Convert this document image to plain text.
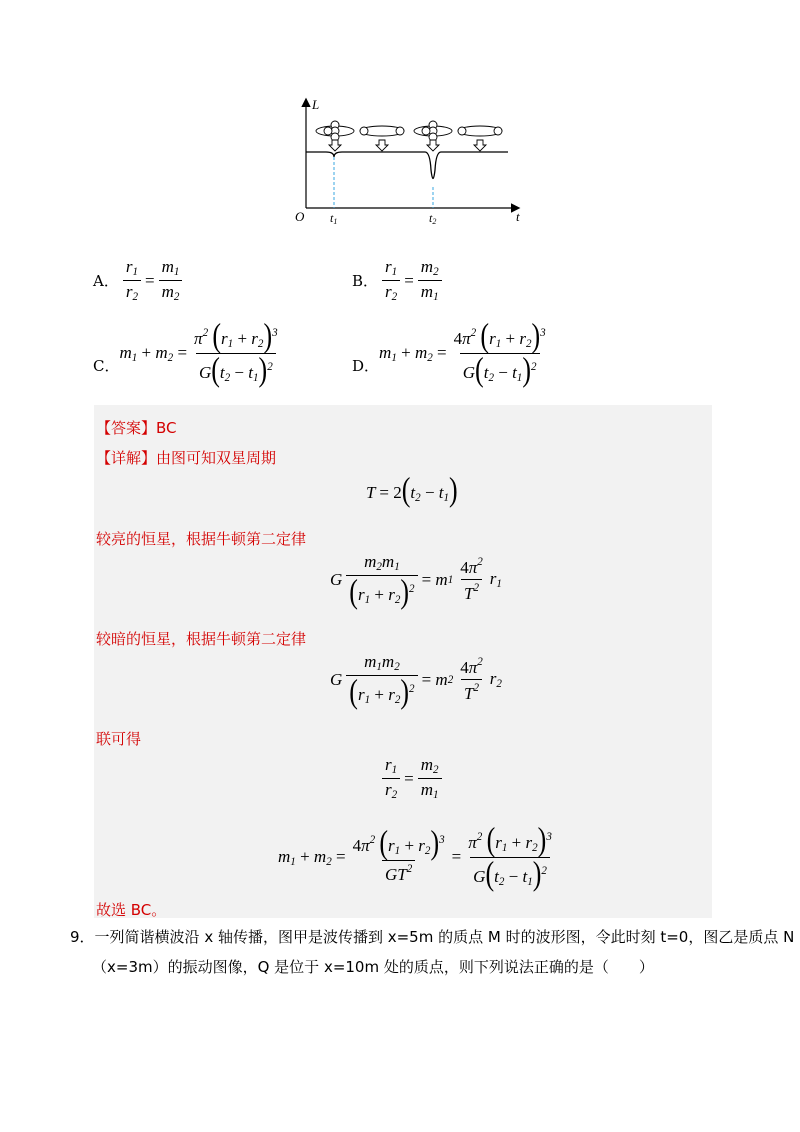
L
t
O t1	t2
A． $\frac{r_1}{r_2} = \frac{m_1}{m_2}$	B． $\frac{r_1}{r_2} = \frac{m_2}{m_1}$
C．
$m_1 + m_2 = \frac{\pi^2 (r_1 + r_2)^3}{G(t_2 - t_1)^2}$	D．
$m_1 + m_2 = \frac{4\pi^2 (r_1 + r_2)^3}{G(t_2 - t_1)^2}$
【答案】BC
【详解】由图可知双星周期
$T = 2(t_2 - t_1)$
较亮的恒星，根据牛顿第二定律
G $\frac{m_2m_1}{(r_1 + r_2)^2} = m$ $1 \frac{4\pi^2}{T^2} r_1$
较暗的恒星，根据牛顿第二定律
G $\frac{m_1m_2}{(r_1 + r_2)^2} = m$ $2 \frac{4\pi^2}{T^2} r_2$
联可得
$\frac{r_1}{r_2} = \frac{m_2}{m_1}$
$m_1 + m_2 = \frac{4\pi^2 (r_1 + r_2)^3}{GT^2} = \frac{\pi^2 (r_1 + r_2)^3}{G(t_2 - t_1)^2}$
故选 BC。
9．一列简谐横波沿 x 轴传播，图甲是波传播到 x=5m 的质点 M 时的波形图，令此时刻 t=0，图乙是质点 N
（x=3m）的振动图像，Q 是位于 x=10m 处的质点，则下列说法正确的是（　　）
